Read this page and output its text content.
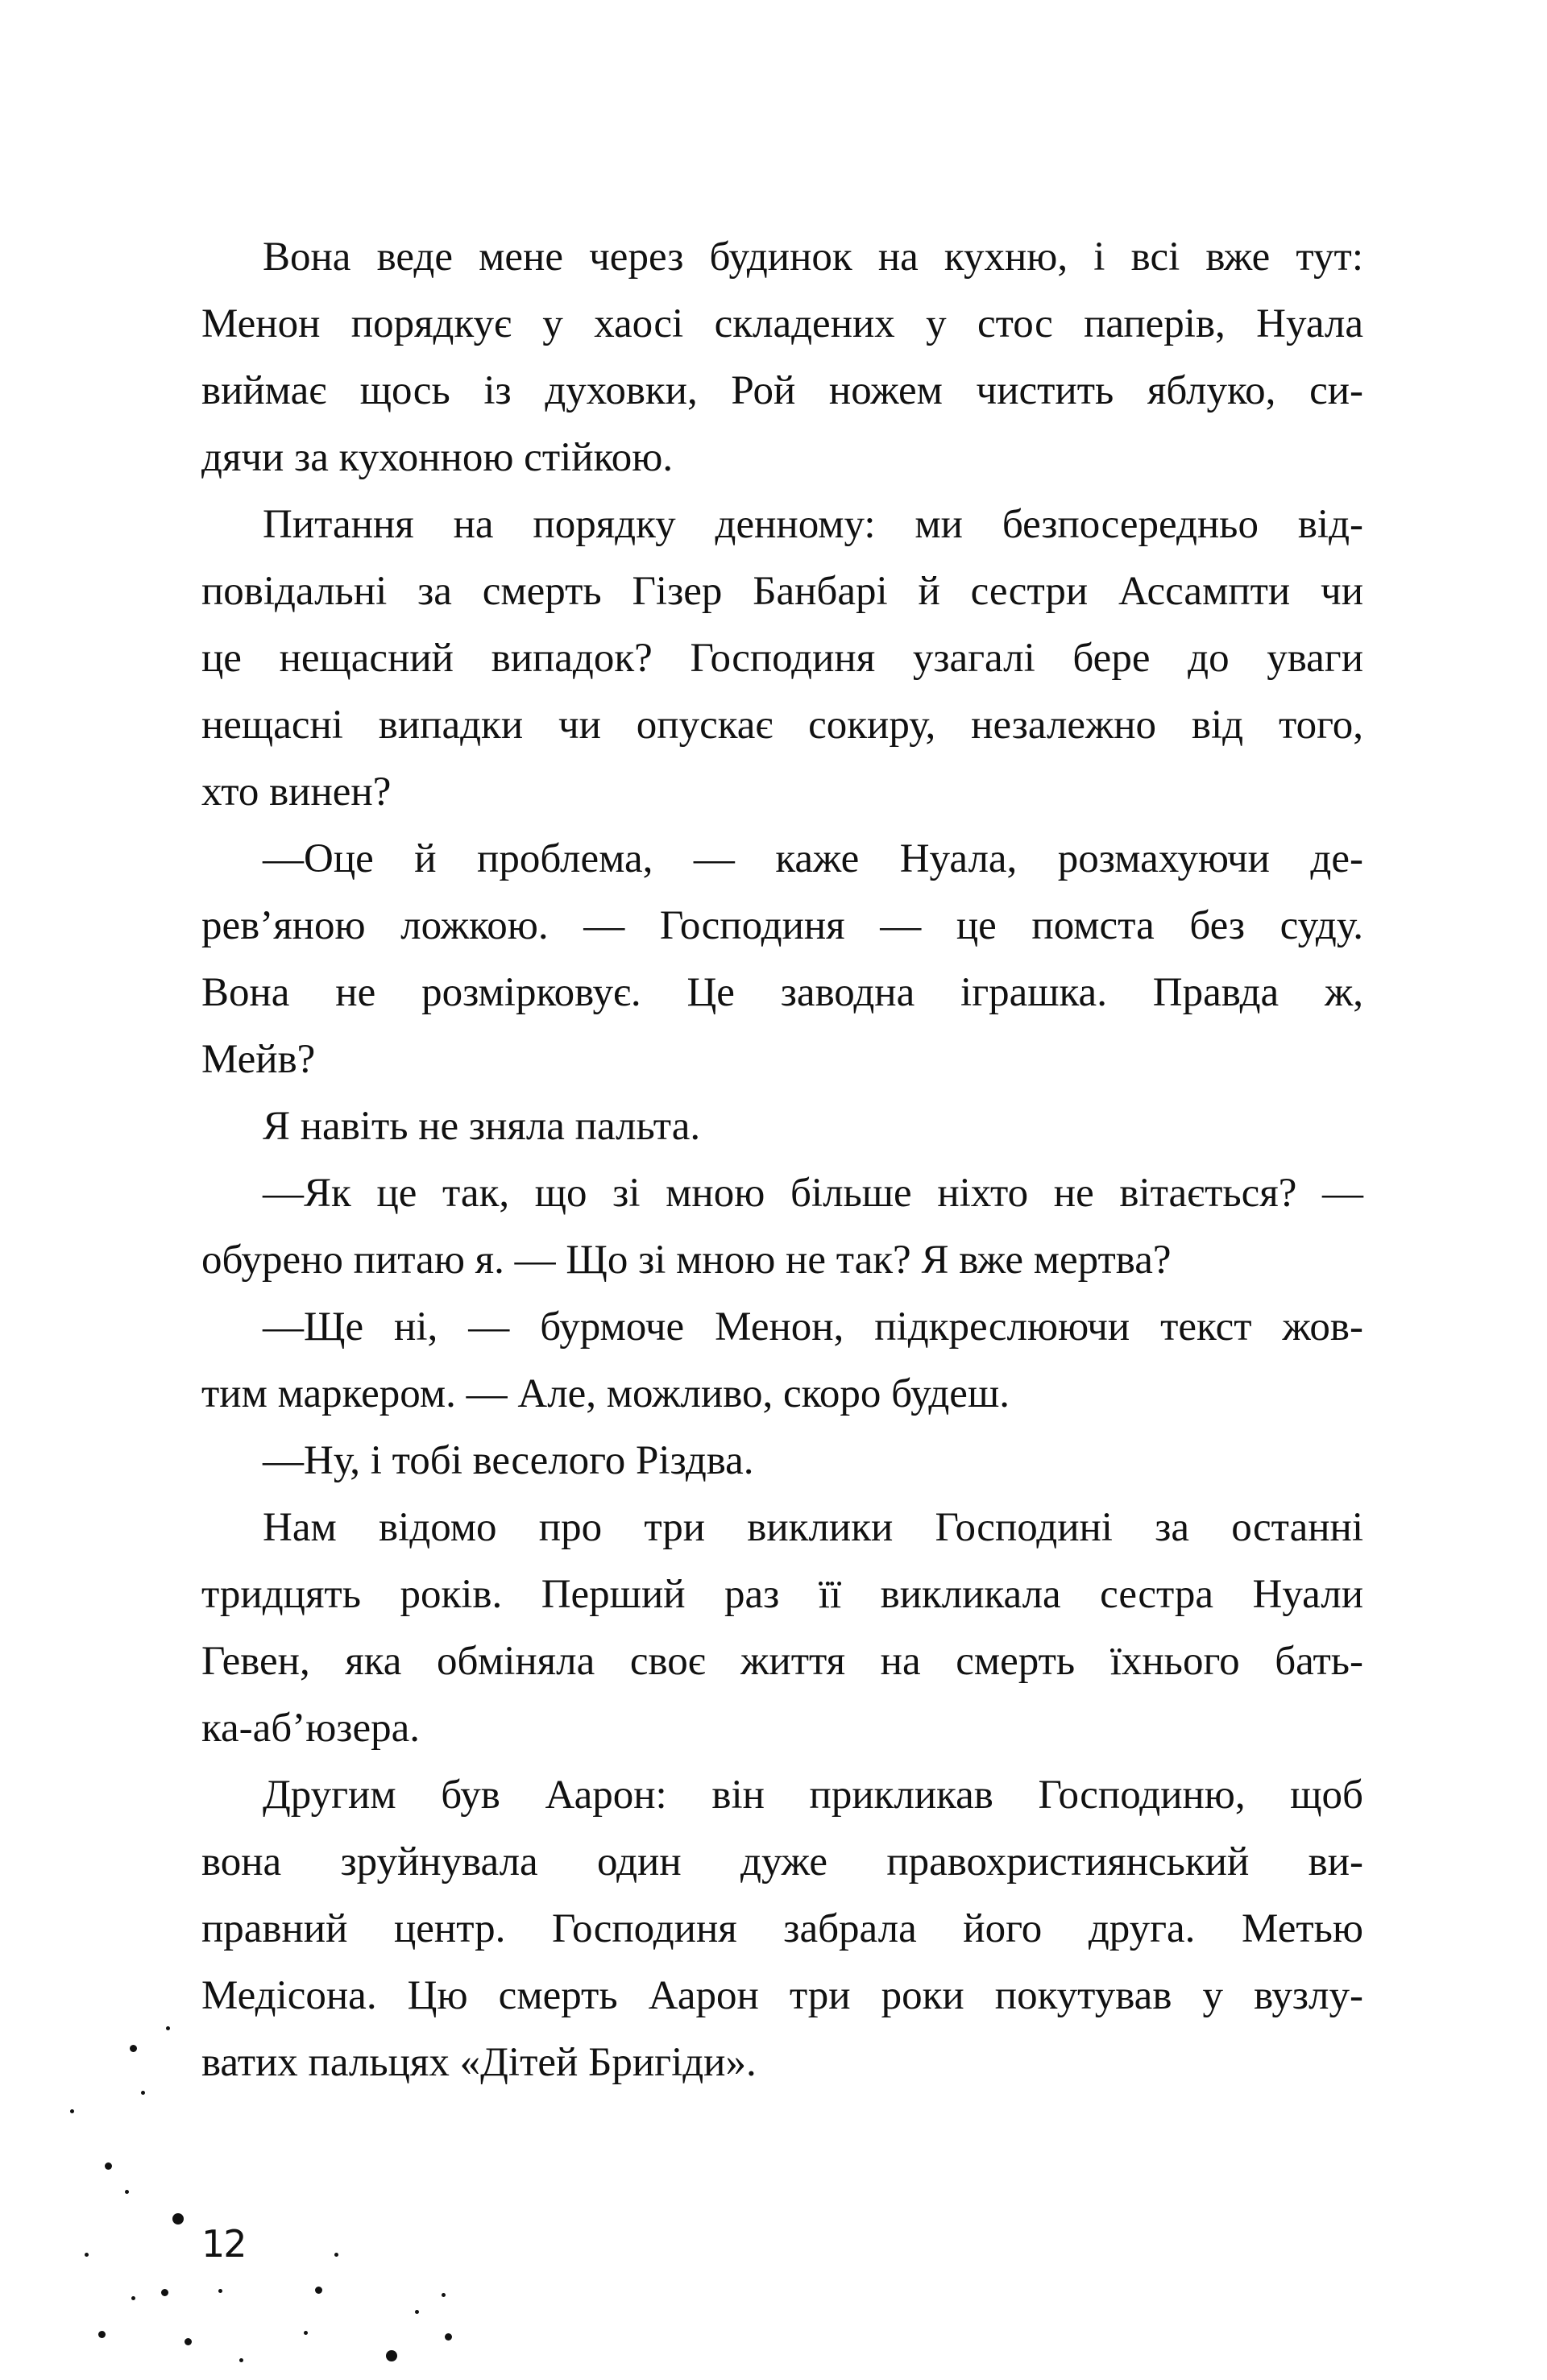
Вона веде мене через будинок на кухню, і всі вже тут:
Менон порядкує у хаосі складених у стос паперів, Нуала
виймає щось із духовки, Рой ножем чистить яблуко, си-
дячи за кухонною стійкою.
Питання на порядку денному: ми безпосередньо від-
повідальні за смерть Гізер Банбарі й сестри Ассампти чи
це нещасний випадок? Господиня узагалі бере до уваги
нещасні випадки чи опускає сокиру, незалежно від того,
хто винен?
—Оце й проблема, — каже Нуала, розмахуючи де-
рев’яною ложкою. — Господиня — це помста без суду.
Вона не розмірковує. Це заводна іграшка. Правда ж,
Мейв?
Я навіть не зняла пальта.
—Як це так, що зі мною більше ніхто не вітається? —
обурено питаю я. — Що зі мною не так? Я вже мертва?
—Ще ні, — бурмоче Менон, підкреслюючи текст жов-
тим маркером. — Але, можливо, скоро будеш.
—Ну, і тобі веселого Різдва.
Нам відомо про три виклики Господині за останні
тридцять років. Перший раз її викликала сестра Нуали
Гевен, яка обміняла своє життя на смерть їхнього бать-
ка-аб’юзера.
Другим був Аарон: він прикликав Господиню, щоб
вона зруйнувала один дуже правохристиянський ви-
правний центр. Господиня забрала його друга. Метью
Медісона. Цю смерть Аарон три роки покутував у вузлу-
ватих пальцях «Дітей Бригіди».
12
